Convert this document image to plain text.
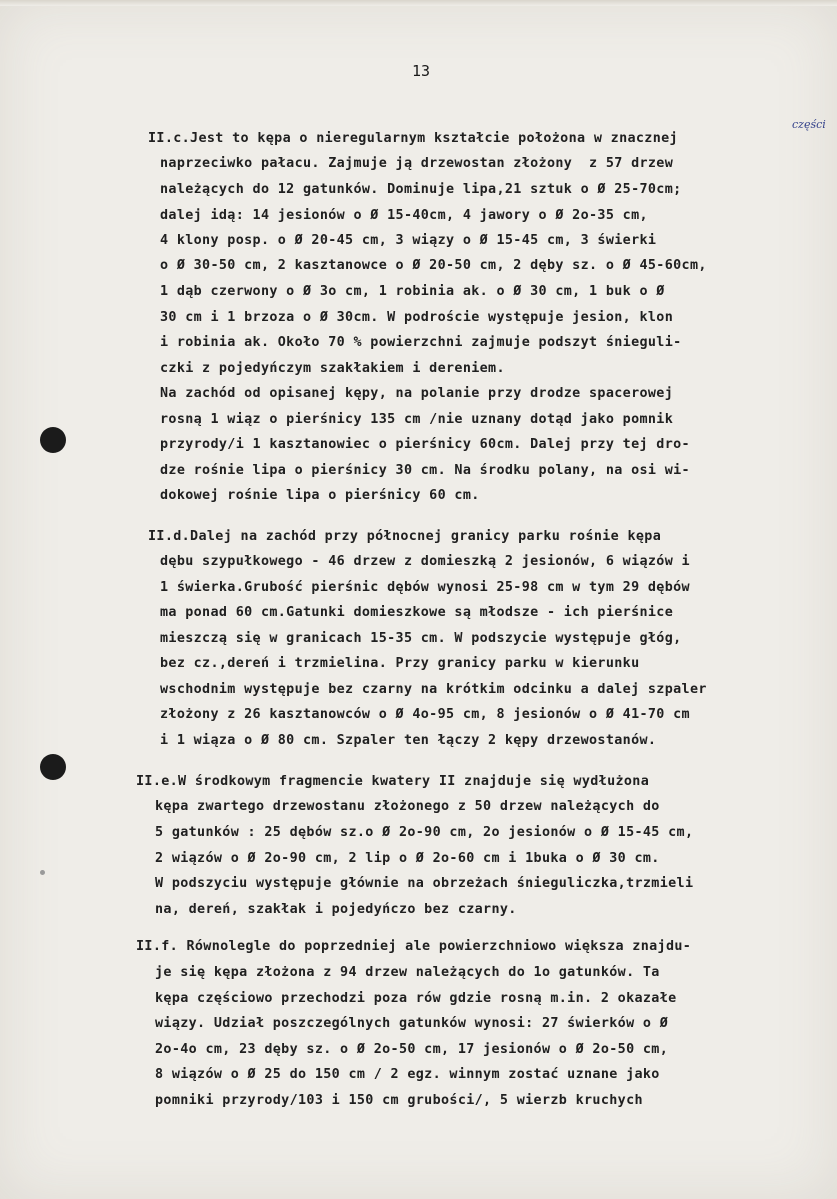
13
części
II.c.Jest to kępa o nieregularnym kształcie położona w znacznej
naprzeciwko pałacu. Zajmuje ją drzewostan złożony  z 57 drzew
należących do 12 gatunków. Dominuje lipa,21 sztuk o Ø 25-70cm;
dalej idą: 14 jesionów o Ø 15-40cm, 4 jawory o Ø 2o-35 cm,
4 klony posp. o Ø 20-45 cm, 3 wiązy o Ø 15-45 cm, 3 świerki
o Ø 30-50 cm, 2 kasztanowce o Ø 20-50 cm, 2 dęby sz. o Ø 45-60cm,
1 dąb czerwony o Ø 3o cm, 1 robinia ak. o Ø 30 cm, 1 buk o Ø
30 cm i 1 brzoza o Ø 30cm. W podroście występuje jesion, klon
i robinia ak. Około 70 % powierzchni zajmuje podszyt śnieguli-
czki z pojedyńczym szakłakiem i dereniem.
Na zachód od opisanej kępy, na polanie przy drodze spacerowej
rosną 1 wiąz o pierśnicy 135 cm /nie uznany dotąd jako pomnik
przyrody/i 1 kasztanowiec o pierśnicy 60cm. Dalej przy tej dro-
dze rośnie lipa o pierśnicy 30 cm. Na środku polany, na osi wi-
dokowej rośnie lipa o pierśnicy 60 cm.
II.d.Dalej na zachód przy północnej granicy parku rośnie kępa
dębu szypułkowego - 46 drzew z domieszką 2 jesionów, 6 wiązów i
1 świerka.Grubość pierśnic dębów wynosi 25-98 cm w tym 29 dębów
ma ponad 60 cm.Gatunki domieszkowe są młodsze - ich pierśnice
mieszczą się w granicach 15-35 cm. W podszycie występuje głóg,
bez cz.,dereń i trzmielina. Przy granicy parku w kierunku
wschodnim występuje bez czarny na krótkim odcinku a dalej szpaler
złożony z 26 kasztanowców o Ø 4o-95 cm, 8 jesionów o Ø 41-70 cm
i 1 wiąza o Ø 80 cm. Szpaler ten łączy 2 kępy drzewostanów.
II.e.W środkowym fragmencie kwatery II znajduje się wydłużona
kępa zwartego drzewostanu złożonego z 50 drzew należących do
5 gatunków : 25 dębów sz.o Ø 2o-90 cm, 2o jesionów o Ø 15-45 cm,
2 wiązów o Ø 2o-90 cm, 2 lip o Ø 2o-60 cm i 1buka o Ø 30 cm.
W podszyciu występuje głównie na obrzeżach śnieguliczka,trzmieli
na, dereń, szakłak i pojedyńczo bez czarny.
II.f. Równolegle do poprzedniej ale powierzchniowo większa znajdu-
je się kępa złożona z 94 drzew należących do 1o gatunków. Ta
kępa częściowo przechodzi poza rów gdzie rosną m.in. 2 okazałe
wiązy. Udział poszczególnych gatunków wynosi: 27 świerków o Ø
2o-4o cm, 23 dęby sz. o Ø 2o-50 cm, 17 jesionów o Ø 2o-50 cm,
8 wiązów o Ø 25 do 150 cm / 2 egz. winnym zostać uznane jako
pomniki przyrody/103 i 150 cm grubości/, 5 wierzb kruchych
